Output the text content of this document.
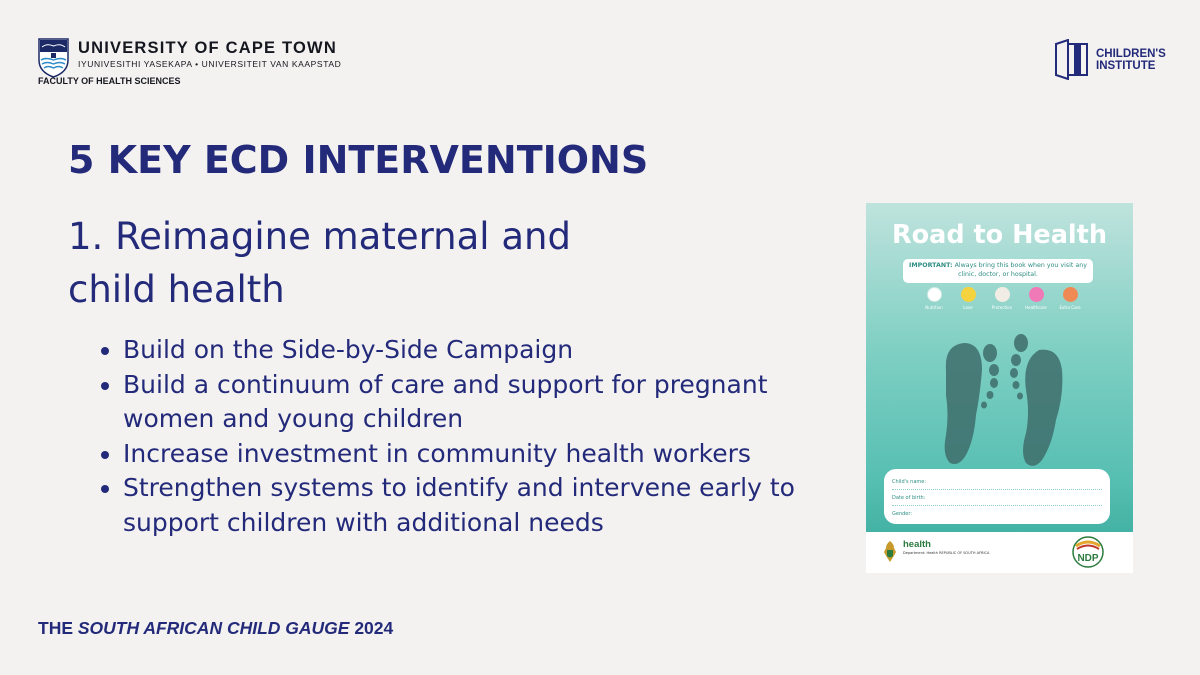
UNIVERSITY OF CAPE TOWN
IYUNIVESITHI YASEKAPA • UNIVERSITEIT VAN KAAPSTAD
FACULTY OF HEALTH SCIENCES
CHILDREN'S
INSTITUTE
5 KEY ECD INTERVENTIONS
1. Reimagine maternal and child health
• Build on the Side-by-Side Campaign
• Build a continuum of care and support for pregnant women and young children
• Increase investment in community health workers
• Strengthen systems to identify and intervene early to support children with additional needs
Road to Health
IMPORTANT: Always bring this book when you visit any clinic, doctor, or hospital.
Nutrition	Love	Protection	Healthcare	Extra Care
Child's name:
Date of birth:
Gender:
health
Department: Health REPUBLIC OF SOUTH AFRICA	NDP
THE SOUTH AFRICAN CHILD GAUGE 2024
